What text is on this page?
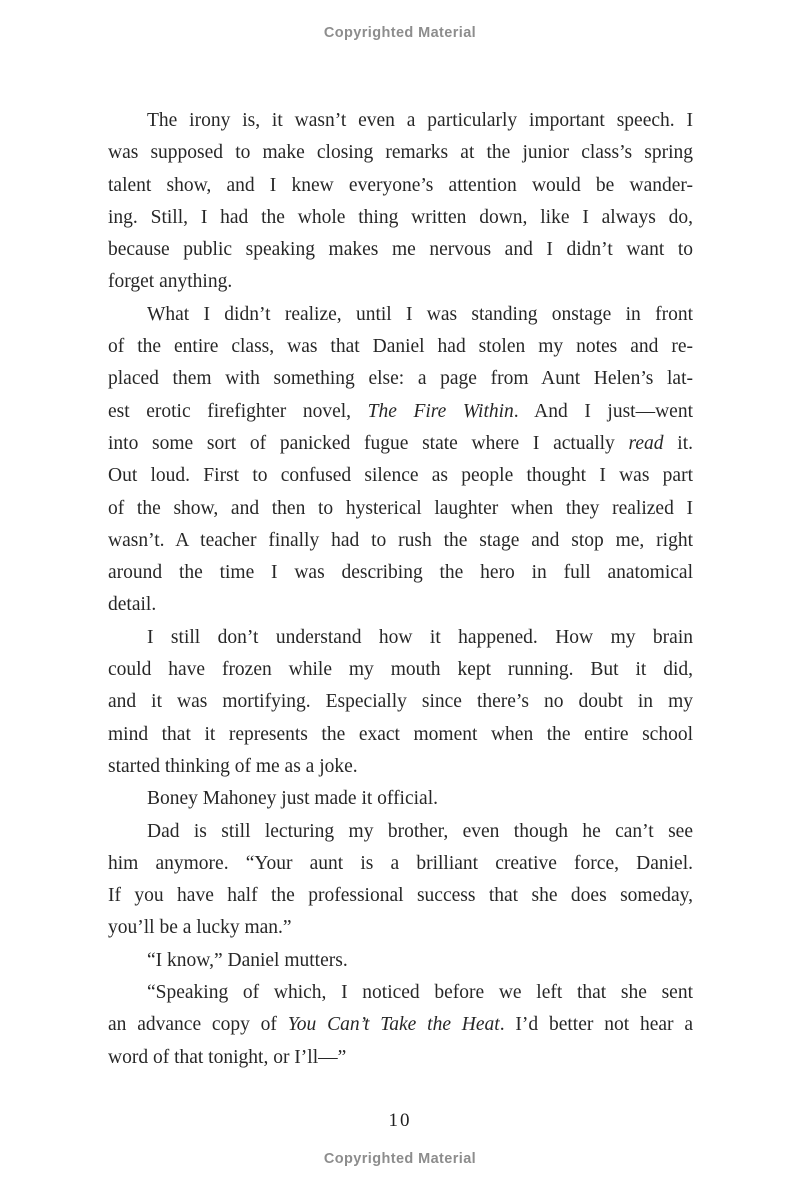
Copyrighted Material
The irony is, it wasn’t even a particularly important speech. I
was supposed to make closing remarks at the junior class’s spring
talent show, and I knew everyone’s attention would be wander-
ing. Still, I had the whole thing written down, like I always do,
because public speaking makes me nervous and I didn’t want to
forget anything.
What I didn’t realize, until I was standing onstage in front
of the entire class, was that Daniel had stolen my notes and re-
placed them with something else: a page from Aunt Helen’s lat-
est erotic firefighter novel, The Fire Within. And I just—went
into some sort of panicked fugue state where I actually read it.
Out loud. First to confused silence as people thought I was part
of the show, and then to hysterical laughter when they realized I
wasn’t. A teacher finally had to rush the stage and stop me, right
around the time I was describing the hero in full anatomical
detail.
I still don’t understand how it happened. How my brain
could have frozen while my mouth kept running. But it did,
and it was mortifying. Especially since there’s no doubt in my
mind that it represents the exact moment when the entire school
started thinking of me as a joke.
Boney Mahoney just made it official.
Dad is still lecturing my brother, even though he can’t see
him anymore. “Your aunt is a brilliant creative force, Daniel.
If you have half the professional success that she does someday,
you’ll be a lucky man.”
“I know,” Daniel mutters.
“Speaking of which, I noticed before we left that she sent
an advance copy of You Can’t Take the Heat. I’d better not hear a
word of that tonight, or I’ll—”
10
Copyrighted Material
